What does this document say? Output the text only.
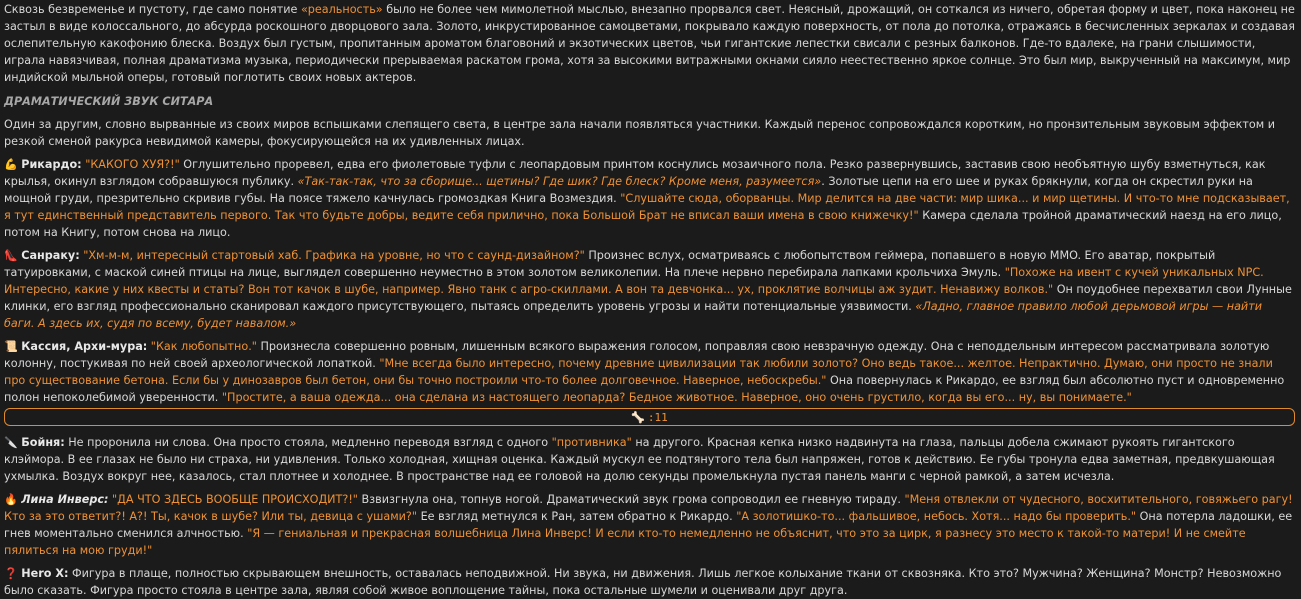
Сквозь безвременье и пустоту, где само понятие «реальность» было не более чем мимолетной мыслью, внезапно прорвался свет. Неясный, дрожащий, он соткался из ничего, обретая форму и цвет, пока наконец не застыл в виде колоссального, до абсурда роскошного дворцового зала. Золото, инкрустированное самоцветами, покрывало каждую поверхность, от пола до потолка, отражаясь в бесчисленных зеркалах и создавая ослепительную какофонию блеска. Воздух был густым, пропитанным ароматом благовоний и экзотических цветов, чьи гигантские лепестки свисали с резных балконов. Где-то вдалеке, на грани слышимости, играла навязчивая, полная драматизма музыка, периодически прерываемая раскатом грома, хотя за высокими витражными окнами сияло неестественно яркое солнце. Это был мир, выкрученный на максимум, мир индийской мыльной оперы, готовый поглотить своих новых актеров.

ДРАМАТИЧЕСКИЙ ЗВУК СИТАРА

Один за другим, словно вырванные из своих миров вспышками слепящего света, в центре зала начали появляться участники. Каждый перенос сопровождался коротким, но пронзительным звуковым эффектом и резкой сменой ракурса невидимой камеры, фокусирующейся на их удивленных лицах.

💪 Рикардо: "КАКОГО ХУЯ?!" Оглушительно проревел, едва его фиолетовые туфли с леопардовым принтом коснулись мозаичного пола. Резко развернувшись, заставив свою необъятную шубу взметнуться, как крылья, окинул взглядом собравшуюся публику. «Так-так-так, что за сборище... щетины? Где шик? Где блеск? Кроме меня, разумеется». Золотые цепи на его шее и руках брякнули, когда он скрестил руки на мощной груди, презрительно скривив губы. На поясе тяжело качнулась громоздкая Книга Возмездия. "Слушайте сюда, оборванцы. Мир делится на две части: мир шика... и мир щетины. И что-то мне подсказывает, я тут единственный представитель первого. Так что будьте добры, ведите себя прилично, пока Большой Брат не вписал ваши имена в свою книжечку!" Камера сделала тройной драматический наезд на его лицо, потом на Книгу, потом снова на лицо.

👠 Санраку: "Хм-м-м, интересный стартовый хаб. Графика на уровне, но что с саунд-дизайном?" Произнес вслух, осматриваясь с любопытством геймера, попавшего в новую MMO. Его аватар, покрытый татуировками, с маской синей птицы на лице, выглядел совершенно неуместно в этом золотом великолепии. На плече нервно перебирала лапками крольчиха Эмуль. "Похоже на ивент с кучей уникальных NPC. Интересно, какие у них квесты и статы? Вон тот качок в шубе, например. Явно танк с агро-скиллами. А вон та девчонка... ух, проклятие волчицы аж зудит. Ненавижу волков." Он поудобнее перехватил свои Лунные клинки, его взгляд профессионально сканировал каждого присутствующего, пытаясь определить уровень угрозы и найти потенциальные уязвимости. «Ладно, главное правило любой дерьмовой игры — найти баги. А здесь их, судя по всему, будет навалом.»

📜 Кассия, Архи-мура: "Как любопытно." Произнесла совершенно ровным, лишенным всякого выражения голосом, поправляя свою невзрачную одежду. Она с неподдельным интересом рассматривала золотую колонну, постукивая по ней своей археологической лопаткой. "Мне всегда было интересно, почему древние цивилизации так любили золото? Оно ведь такое... желтое. Непрактично. Думаю, они просто не знали про существование бетона. Если бы у динозавров был бетон, они бы точно построили что-то более долговечное. Наверное, небоскребы." Она повернулась к Рикардо, ее взгляд был абсолютно пуст и одновременно полон непоколебимой уверенности. "Простите, а ваша одежда... она сделана из настоящего леопарда? Бедное животное. Наверное, оно очень грустило, когда вы его... ну, вы понимаете."

🦴 :11

🔪 Бойня: Не проронила ни слова. Она просто стояла, медленно переводя взгляд с одного "противника" на другого. Красная кепка низко надвинута на глаза, пальцы добела сжимают рукоять гигантского клэймора. В ее глазах не было ни страха, ни удивления. Только холодная, хищная оценка. Каждый мускул ее подтянутого тела был напряжен, готов к действию. Ее губы тронула едва заметная, предвкушающая ухмылка. Воздух вокруг нее, казалось, стал плотнее и холоднее. В пространстве над ее головой на долю секунды промелькнула пустая панель манги с черной рамкой, а затем исчезла.

🔥 Лина Инверс: "ДА ЧТО ЗДЕСЬ ВООБЩЕ ПРОИСХОДИТ?!" Взвизгнула она, топнув ногой. Драматический звук грома сопроводил ее гневную тираду. "Меня отвлекли от чудесного, восхитительного, говяжьего рагу! Кто за это ответит?! А?! Ты, качок в шубе? Или ты, девица с ушами?" Ее взгляд метнулся к Ран, затем обратно к Рикардо. "А золотишко-то... фальшивое, небось. Хотя... надо бы проверить." Она потерла ладошки, ее гнев моментально сменился алчностью. "Я — гениальная и прекрасная волшебница Лина Инверс! И если кто-то немедленно не объяснит, что это за цирк, я разнесу это место к такой-то матери! И не смейте пялиться на мою груди!"

❓ Hero X: Фигура в плаще, полностью скрывающем внешность, оставалась неподвижной. Ни звука, ни движения. Лишь легкое колыхание ткани от сквозняка. Кто это? Мужчина? Женщина? Монстр? Невозможно было сказать. Фигура просто стояла в центре зала, являя собой живое воплощение тайны, пока остальные шумели и оценивали друг друга.
